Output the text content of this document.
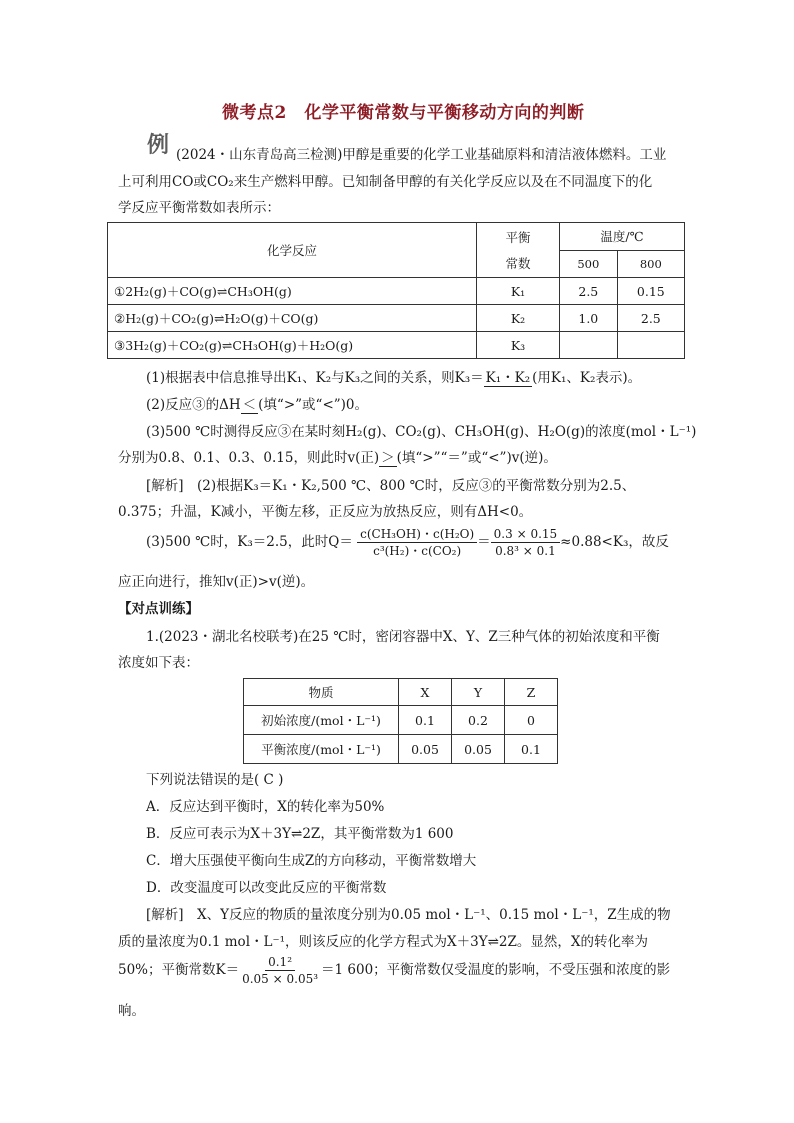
微考点2　化学平衡常数与平衡移动方向的判断
例 (2024・山东青岛高三检测)甲醇是重要的化学工业基础原料和清洁液体燃料。工业
上可利用CO或CO₂来生产燃料甲醇。已知制备甲醇的有关化学反应以及在不同温度下的化
学反应平衡常数如表所示：
化学反应	平衡
常数	温度/℃	
		500	800
①2H₂(g)＋CO(g)⇌CH₃OH(g)	K₁	2.5	0.15
②H₂(g)＋CO₂(g)⇌H₂O(g)＋CO(g)	K₂	1.0	2.5
③3H₂(g)＋CO₂(g)⇌CH₃OH(g)＋H₂O(g)	K₃		
(1)根据表中信息推导出K₁、K₂与K₃之间的关系，则K₃＝ K₁・K₂ (用K₁、K₂表示)。
(2)反应③的ΔH ＜ (填“>”或“<”)0。
(3)500 ℃时测得反应③在某时刻H₂(g)、CO₂(g)、CH₃OH(g)、H₂O(g)的浓度(mol・L⁻¹)
分别为0.8、0.1、0.3、0.15，则此时v(正) ＞ (填“>”“＝”或“<”)v(逆)。
[解析]　(2)根据K₃＝K₁・K₂,500 ℃、800 ℃时，反应③的平衡常数分别为2.5、
0.375；升温，K减小，平衡左移，正反应为放热反应，则有ΔH<0。
(3)500 ℃时，K₃＝2.5，此时$Q= \frac{\text{c(CH₃OH)・c(H₂O)}}{\text{c³(H₂)・c(CO₂)}} = \frac{0.3 \times 0.15}{\text{0.8³ × 0.1}} \approx 0.88<K_3$，故反
应正向进行，推知v(正)>v(逆)。
【对点训练】
1.(2023・湖北名校联考)在25 ℃时，密闭容器中X、Y、Z三种气体的初始浓度和平衡
浓度如下表：
物质	X	Y	Z
初始浓度/(mol・L⁻¹)	0.1	0.2	0
平衡浓度/(mol・L⁻¹)	0.05	0.05	0.1
下列说法错误的是( C )
A．反应达到平衡时，X的转化率为50%
B．反应可表示为X＋3Y⇌2Z，其平衡常数为1 600
C．增大压强使平衡向生成Z的方向移动，平衡常数增大
D．改变温度可以改变此反应的平衡常数
[解析]　X、Y反应的物质的量浓度分别为0.05 mol・L⁻¹、0.15 mol・L⁻¹，Z生成的物
质的量浓度为0.1 mol・L⁻¹，则该反应的化学方程式为X＋3Y⇌2Z。显然，X的转化率为
50%；平衡常数$K= \frac{\text{0.1²}}{\text{0.05 × 0.05³}} =1$ 600；平衡常数仅受温度的影响，不受压强和浓度的影
响。
